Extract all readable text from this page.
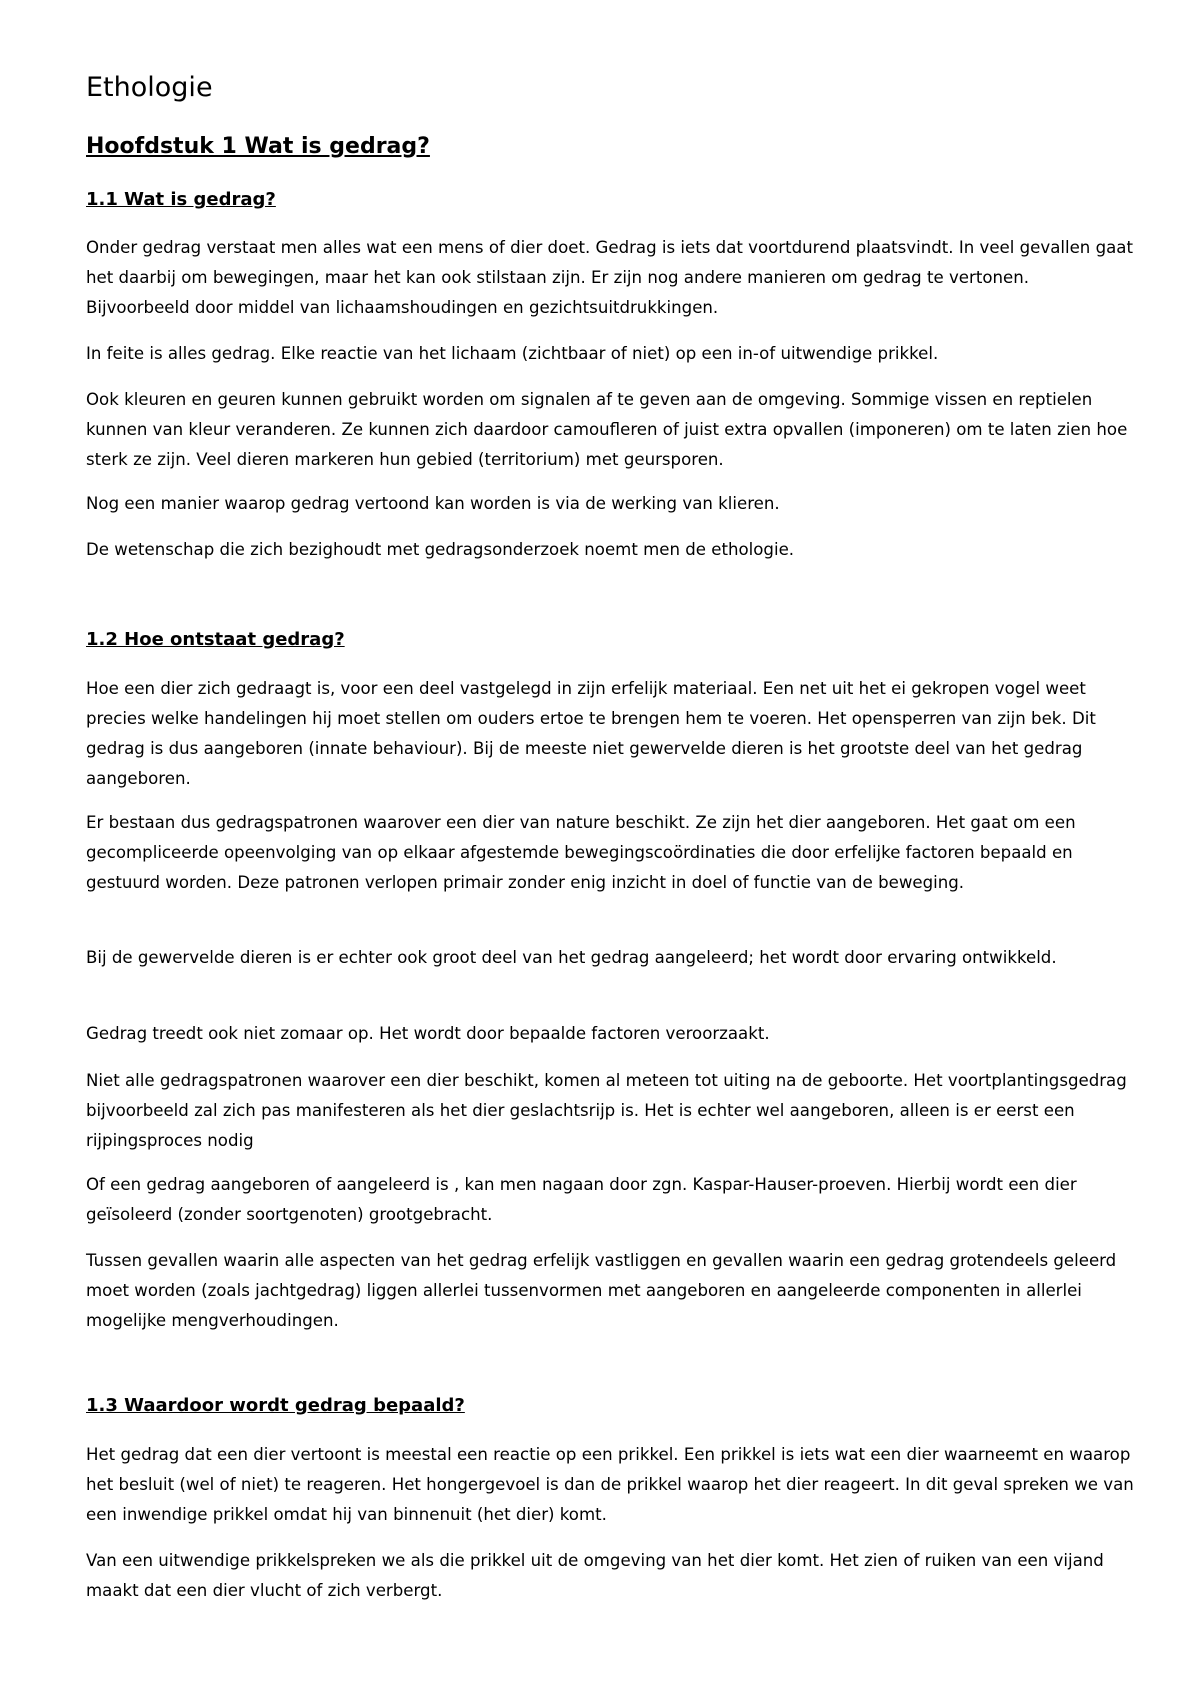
Ethologie
Hoofdstuk 1 Wat is gedrag?
1.1 Wat is gedrag?

Onder gedrag verstaat men alles wat een mens of dier doet. Gedrag is iets dat voortdurend plaatsvindt. In veel gevallen gaat het daarbij om bewegingen, maar het kan ook stilstaan zijn. Er zijn nog andere manieren om gedrag te vertonen. Bijvoorbeeld door middel van lichaamshoudingen en gezichtsuitdrukkingen.

In feite is alles gedrag. Elke reactie van het lichaam (zichtbaar of niet) op een in-of uitwendige prikkel.

Ook kleuren en geuren kunnen gebruikt worden om signalen af te geven aan de omgeving. Sommige vissen en reptielen kunnen van kleur veranderen. Ze kunnen zich daardoor camoufleren of juist extra opvallen (imponeren) om te laten zien hoe sterk ze zijn. Veel dieren markeren hun gebied (territorium) met geursporen.

Nog een manier waarop gedrag vertoond kan worden is via de werking van klieren.

De wetenschap die zich bezighoudt met gedragsonderzoek noemt men de ethologie.

1.2 Hoe ontstaat gedrag?

Hoe een dier zich gedraagt is, voor een deel vastgelegd in zijn erfelijk materiaal. Een net uit het ei gekropen vogel weet precies welke handelingen hij moet stellen om ouders ertoe te brengen hem te voeren. Het opensperren van zijn bek. Dit gedrag is dus aangeboren (innate behaviour). Bij de meeste niet gewervelde dieren is het grootste deel van het gedrag aangeboren.

Er bestaan dus gedragspatronen waarover een dier van nature beschikt. Ze zijn het dier aangeboren. Het gaat om een gecompliceerde opeenvolging van op elkaar afgestemde bewegingscoördinaties die door erfelijke factoren bepaald en gestuurd worden. Deze patronen verlopen primair zonder enig inzicht in doel of functie van de beweging.

Bij de gewervelde dieren is er echter ook groot deel van het gedrag aangeleerd; het wordt door ervaring ontwikkeld.

Gedrag treedt ook niet zomaar op. Het wordt door bepaalde factoren veroorzaakt.

Niet alle gedragspatronen waarover een dier beschikt, komen al meteen tot uiting na de geboorte. Het voortplantingsgedrag bijvoorbeeld zal zich pas manifesteren als het dier geslachtsrijp is. Het is echter wel aangeboren, alleen is er eerst een rijpingsproces nodig

Of een gedrag aangeboren of aangeleerd is , kan men nagaan door zgn. Kaspar-Hauser-proeven. Hierbij wordt een dier geïsoleerd (zonder soortgenoten) grootgebracht.

Tussen gevallen waarin alle aspecten van het gedrag erfelijk vastliggen en gevallen waarin een gedrag grotendeels geleerd moet worden (zoals jachtgedrag) liggen allerlei tussenvormen met aangeboren en aangeleerde componenten in allerlei mogelijke mengverhoudingen.

1.3 Waardoor wordt gedrag bepaald?

Het gedrag dat een dier vertoont is meestal een reactie op een prikkel. Een prikkel is iets wat een dier waarneemt en waarop het besluit (wel of niet) te reageren. Het hongergevoel is dan de prikkel waarop het dier reageert. In dit geval spreken we van een inwendige prikkel omdat hij van binnenuit (het dier) komt.

Van een uitwendige prikkelspreken we als die prikkel uit de omgeving van het dier komt. Het zien of ruiken van een vijand maakt dat een dier vlucht of zich verbergt.
